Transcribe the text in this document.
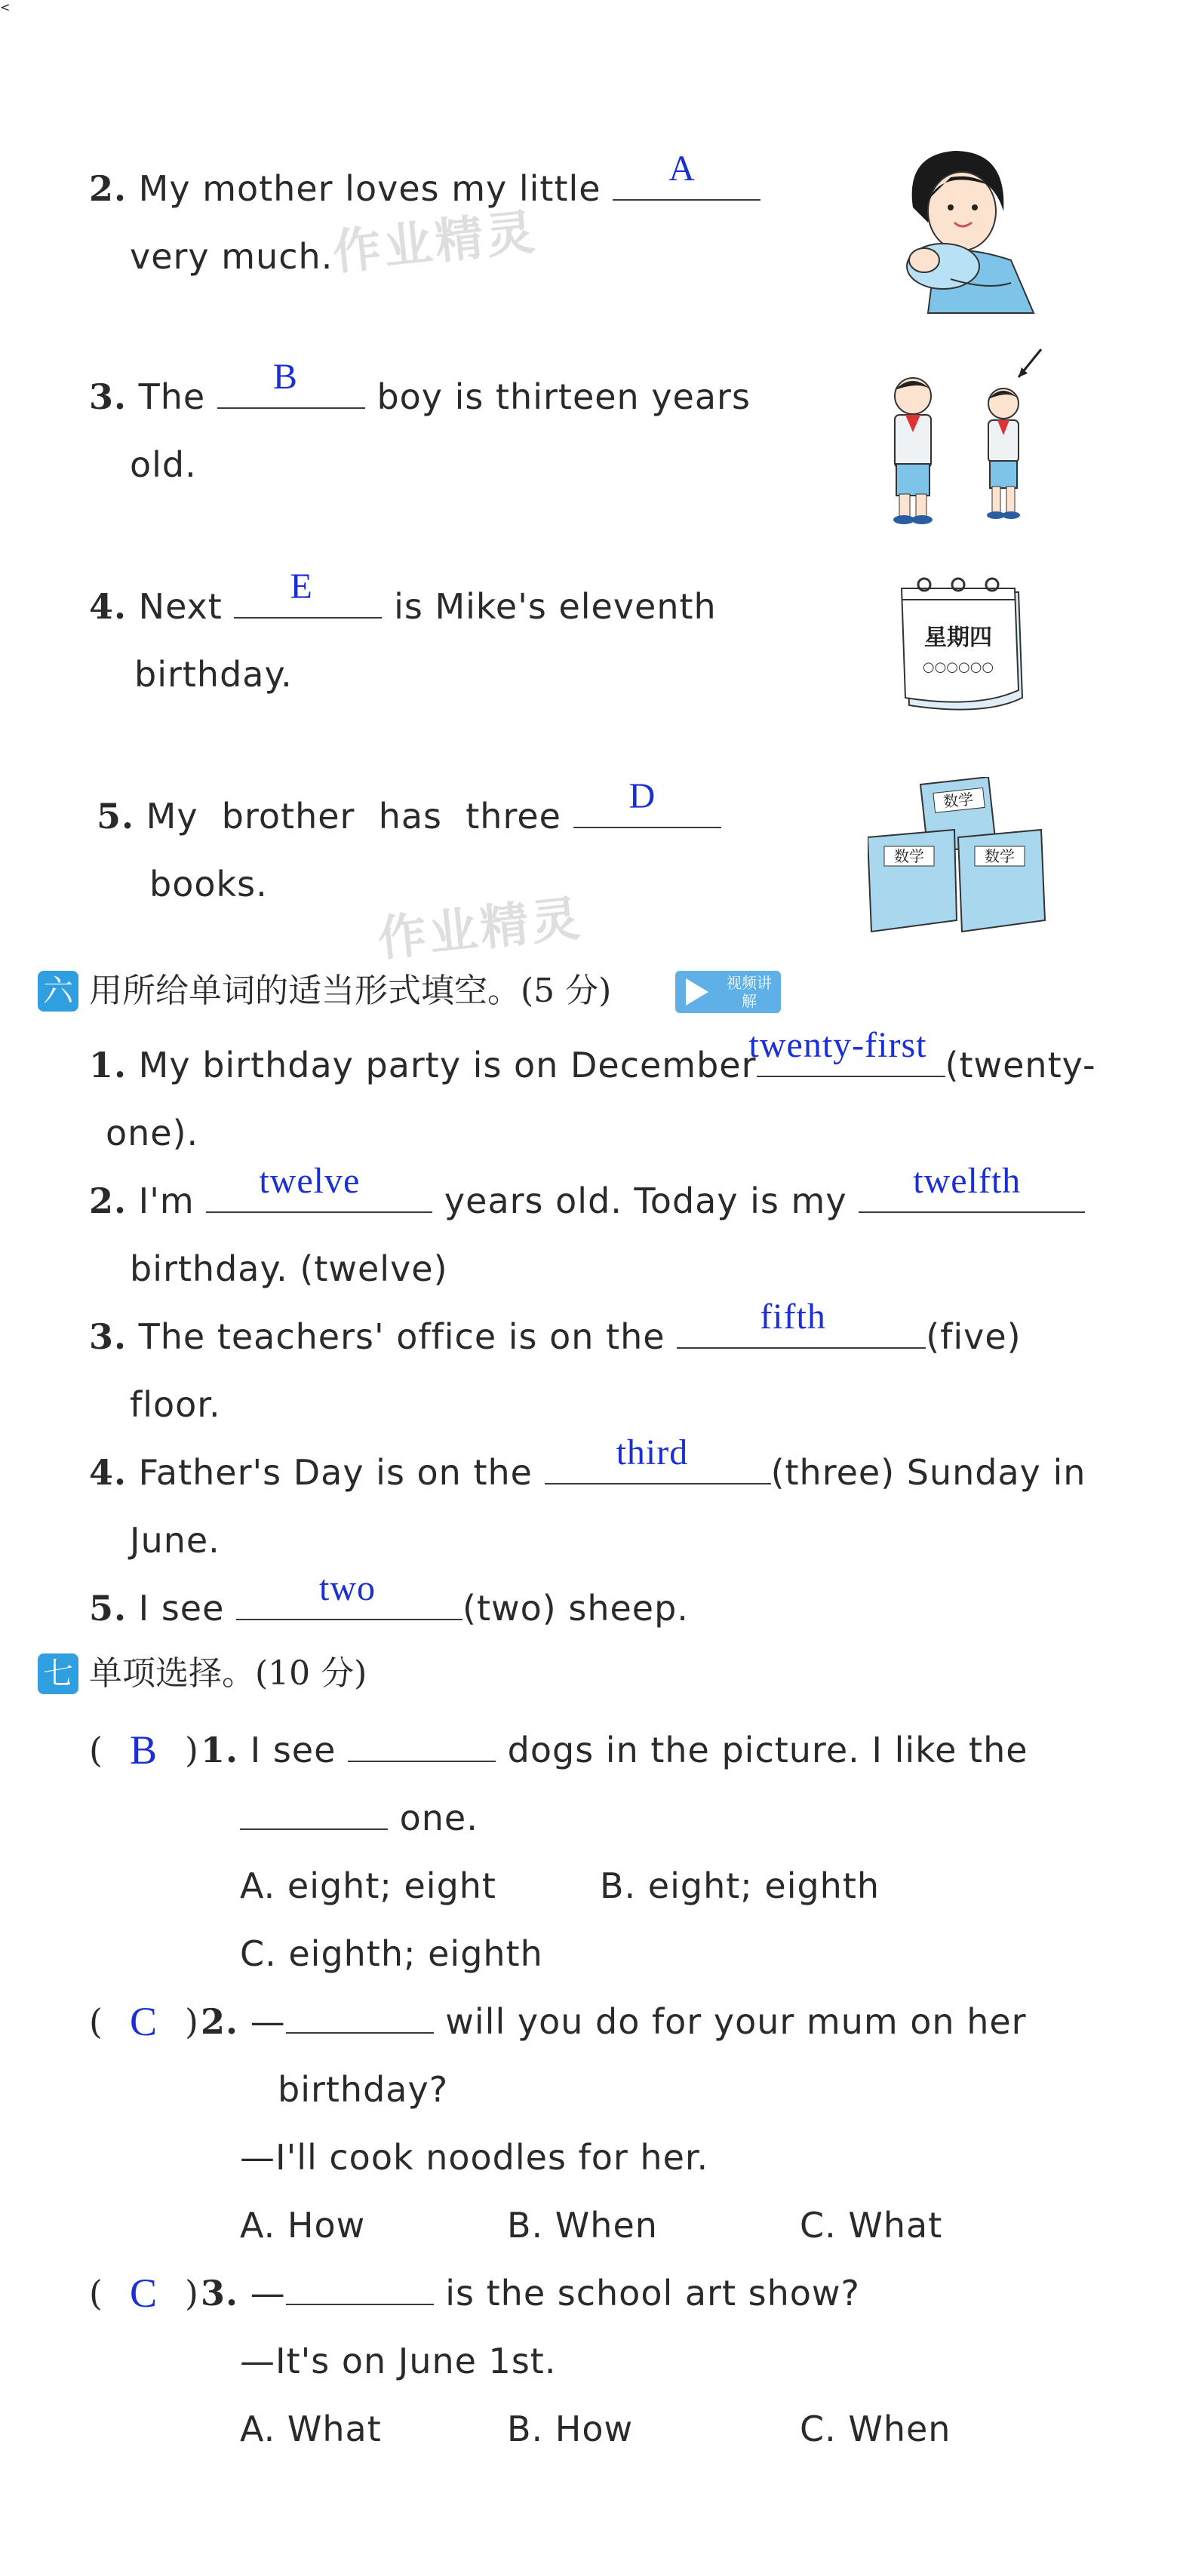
2. My mother loves my little A
very much.
3. The B boy is thirteen years
old.
4. Next E is Mike's eleventh
birthday.
星期四
○○○○○○
5. My  brother  has  three D
books.
数学
数学	数学
作业精灵
作业精灵
六 用所给单词的适当形式填空。(5 分)	视频讲解
1. My birthday party is on December
twenty-first (twenty-
one).
2. I'm twelve years old. Today is my twelfth
birthday. (twelve)
3. The teachers' office is on the fifth	(five)
floor.
4. Father's Day is on the third (three) Sunday in
June.
5. I see two	(two) sheep.
七 单项选择。(10 分)
( B ) 1. I see	dogs in the picture. I like the
one.
A. eight; eight	B. eight; eighth
C. eighth; eighth
( C ) 2. —	will you do for your mum on her
birthday?
—I'll cook noodles for her.
A. How	B. When	C. What
<
( C ) 3. —	is the school art show?
—It's on June 1st.
A. What	B. How	C. When
